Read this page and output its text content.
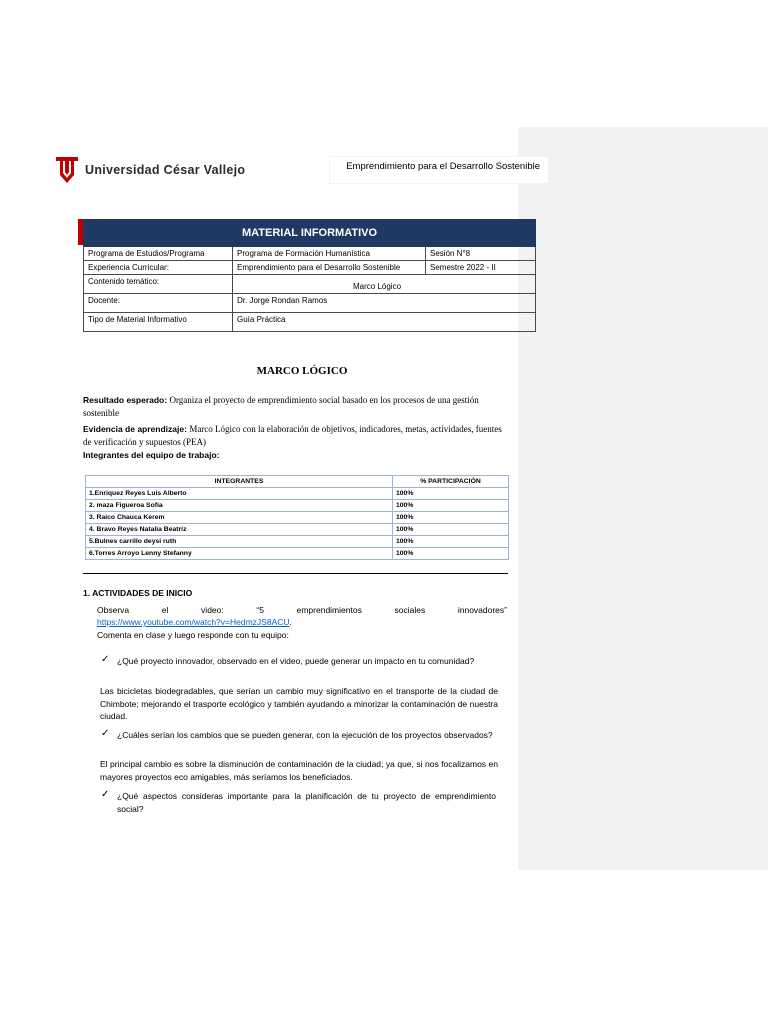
Universidad César Vallejo	Emprendimiento para el Desarrollo Sostenible
MATERIAL INFORMATIVO		
Programa de Estudios/Programa	Programa de Formación Humanística	Sesión N°8
Experiencia Curricular:	Emprendimiento para el Desarrollo Sostenible	Semestre 2022 - II
Contenido temático:	Marco Lógico	
Docente:	Dr. Jorge Rondan Ramos	
Tipo de Material Informativo	Guía Práctica	
MARCO LÓGICO
Resultado esperado: Organiza el proyecto de emprendimiento social basado en los procesos de una gestión sostenible
Evidencia de aprendizaje: Marco Lógico con la elaboración de objetivos, indicadores, metas, actividades, fuentes de verificación y supuestos (PEA)
Integrantes del equipo de trabajo:
INTEGRANTES	% PARTICIPACIÓN
1.Enriquez Reyes Luis Alberto	100%
2. maza Figueroa Sofía	100%
3. Raico Chauca Kerem	100%
4. Bravo Reyes Natalia Beatriz	100%
5.Bulnes carrillo deysi ruth	100%
6.Torres Arroyo Lenny Stefanny	100%
1. ACTIVIDADES DE INICIO
Observa el video: “5 emprendimientos sociales innovadores”
https://www.youtube.com/watch?v=HedmzJS8ACU.
Comenta en clase y luego responde con tu equipo:
✓ ¿Qué proyecto innovador, observado en el video, puede generar un impacto en tu comunidad?
Las bicicletas biodegradables, que serían un cambio muy significativo en el transporte de la ciudad de Chimbote; mejorando el trasporte ecológico y también ayudando a minorizar la contaminación de nuestra ciudad.
✓ ¿Cuáles serían los cambios que se pueden generar, con la ejecución de los proyectos observados?
El principal cambio es sobre la disminución de contaminación de la ciudad; ya que, si nos focalizamos en mayores proyectos eco amigables, más seríamos los beneficiados.
✓ ¿Qué aspectos consideras importante para la planificación de tu proyecto de emprendimiento social?
